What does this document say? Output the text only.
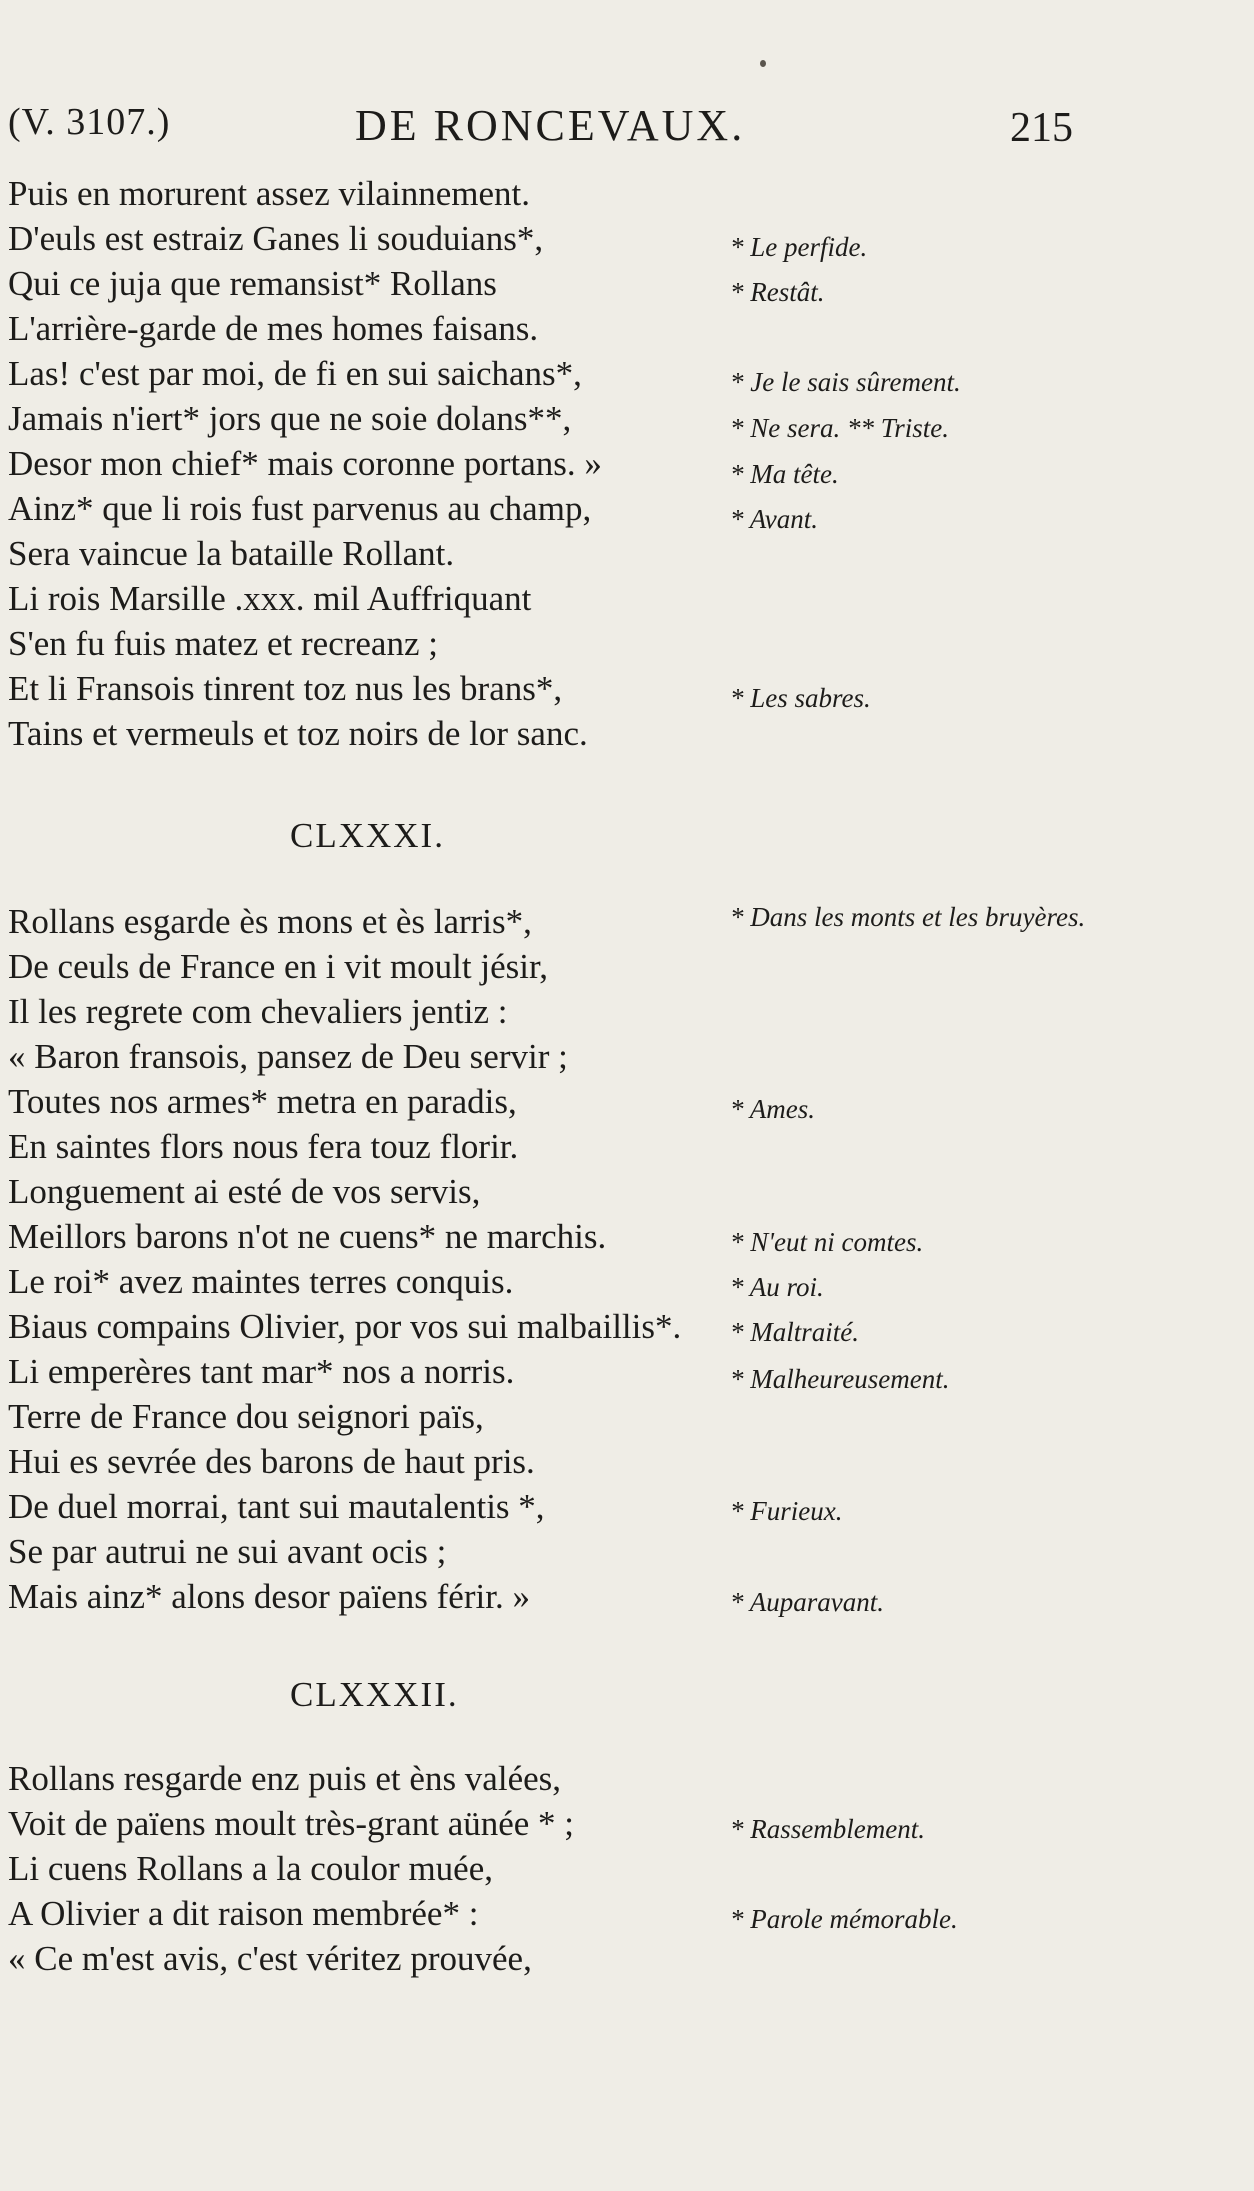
(V. 3107.)	DE RONCEVAUX.	215
Puis en morurent assez vilainnement.
D'euls est estraiz Ganes li souduians*,
Qui ce juja que remansist* Rollans
L'arrière-garde de mes homes faisans.
Las! c'est par moi, de fi en sui saichans*,
Jamais n'iert* jors que ne soie dolans**,
Desor mon chief* mais coronne portans. »
Ainz* que li rois fust parvenus au champ,
Sera vaincue la bataille Rollant.
Li rois Marsille .xxx. mil Auffriquant
S'en fu fuis matez et recreanz ;
Et li Fransois tinrent toz nus les brans*,
Tains et vermeuls et toz noirs de lor sanc.
* Le perfide.
* Restât.
* Je le sais sûrement.
* Ne sera. ** Triste.
* Ma tête.
* Avant.
* Les sabres.
CLXXXI.
Rollans esgarde ès mons et ès larris*,
De ceuls de France en i vit moult jésir,
Il les regrete com chevaliers jentiz :
« Baron fransois, pansez de Deu servir ;
Toutes nos armes* metra en paradis,
En saintes flors nous fera touz florir.
Longuement ai esté de vos servis,
Meillors barons n'ot ne cuens* ne marchis.
Le roi* avez maintes terres conquis.
Biaus compains Olivier, por vos sui malbaillis*.
Li emperères tant mar* nos a norris.
Terre de France dou seignori païs,
Hui es sevrée des barons de haut pris.
De duel morrai, tant sui mautalentis *,
Se par autrui ne sui avant ocis ;
Mais ainz* alons desor païens férir. »
* Dans les monts et les bruyères.
* Ames.
* N'eut ni comtes.
* Au roi.
* Maltraité.
* Malheureusement.
* Furieux.
* Auparavant.
CLXXXII.
Rollans resgarde enz puis et èns valées,
Voit de païens moult très-grant aünée * ;
Li cuens Rollans a la coulor muée,
A Olivier a dit raison membrée* :
« Ce m'est avis, c'est véritez prouvée,
* Rassemblement.
* Parole mémorable.
